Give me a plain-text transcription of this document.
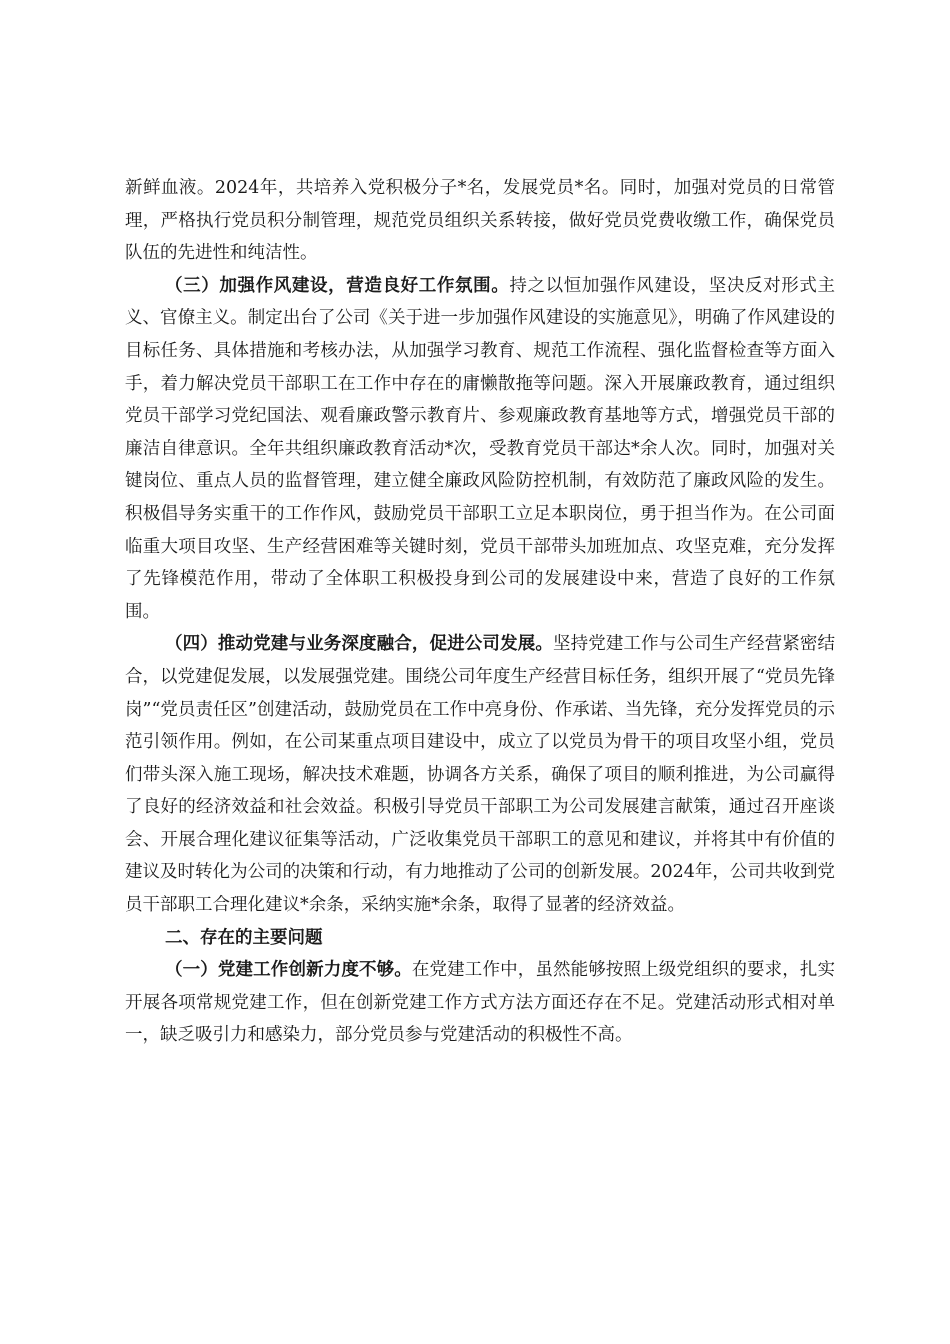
新鲜血液。2024年，共培养入党积极分子*名，发展党员*名。同时，加强对党员的日常管理，严格执行党员积分制管理，规范党员组织关系转接，做好党员党费收缴工作，确保党员队伍的先进性和纯洁性。

（三）加强作风建设，营造良好工作氛围。持之以恒加强作风建设，坚决反对形式主义、官僚主义。制定出台了公司《关于进一步加强作风建设的实施意见》，明确了作风建设的目标任务、具体措施和考核办法，从加强学习教育、规范工作流程、强化监督检查等方面入手，着力解决党员干部职工在工作中存在的庸懒散拖等问题。深入开展廉政教育，通过组织党员干部学习党纪国法、观看廉政警示教育片、参观廉政教育基地等方式，增强党员干部的廉洁自律意识。全年共组织廉政教育活动*次，受教育党员干部达*余人次。同时，加强对关键岗位、重点人员的监督管理，建立健全廉政风险防控机制，有效防范了廉政风险的发生。积极倡导务实重干的工作作风，鼓励党员干部职工立足本职岗位，勇于担当作为。在公司面临重大项目攻坚、生产经营困难等关键时刻，党员干部带头加班加点、攻坚克难，充分发挥了先锋模范作用，带动了全体职工积极投身到公司的发展建设中来，营造了良好的工作氛围。

（四）推动党建与业务深度融合，促进公司发展。坚持党建工作与公司生产经营紧密结合，以党建促发展，以发展强党建。围绕公司年度生产经营目标任务，组织开展了“党员先锋岗”“党员责任区”创建活动，鼓励党员在工作中亮身份、作承诺、当先锋，充分发挥党员的示范引领作用。例如，在公司某重点项目建设中，成立了以党员为骨干的项目攻坚小组，党员们带头深入施工现场，解决技术难题，协调各方关系，确保了项目的顺利推进，为公司赢得了良好的经济效益和社会效益。积极引导党员干部职工为公司发展建言献策，通过召开座谈会、开展合理化建议征集等活动，广泛收集党员干部职工的意见和建议，并将其中有价值的建议及时转化为公司的决策和行动，有力地推动了公司的创新发展。2024年，公司共收到党员干部职工合理化建议*余条，采纳实施*余条，取得了显著的经济效益。

二、存在的主要问题

（一）党建工作创新力度不够。在党建工作中，虽然能够按照上级党组织的要求，扎实开展各项常规党建工作，但在创新党建工作方式方法方面还存在不足。党建活动形式相对单一，缺乏吸引力和感染力，部分党员参与党建活动的积极性不高。
